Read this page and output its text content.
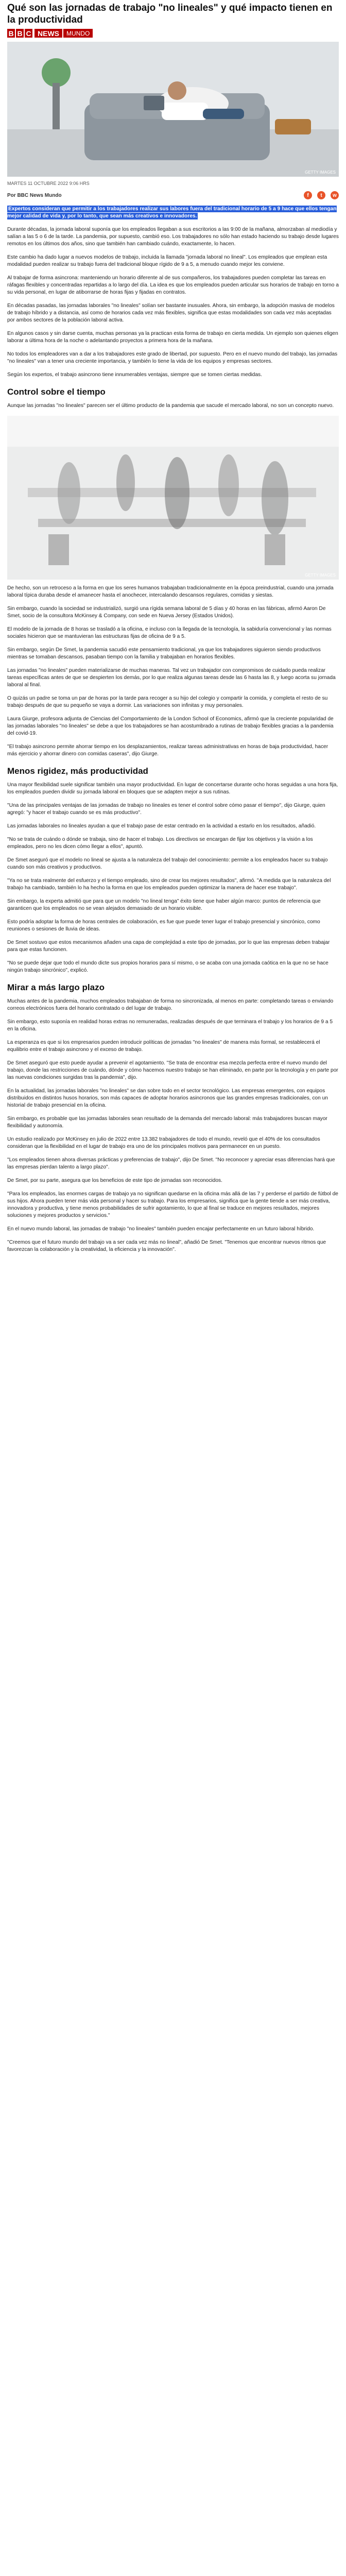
Qué son las jornadas de trabajo "no lineales" y qué impacto tienen en la productividad
B B C NEWS	MUNDO
GETTY IMAGES
MARTES 11 OCTUBRE 2022 9:06 HRS
Por BBC News Mundo	f	t	w

Expertos consideran que permitir a los trabajadores realizar sus labores fuera del tradicional horario de 5 a 9 hace que ellos tengan mejor calidad de vida y, por lo tanto, que sean más creativos e innovadores.

Durante décadas, la jornada laboral suponía que los empleados llegaban a sus escritorios a las 9:00 de la mañana, almorzaban al mediodía y salían a las 5 o 6 de la tarde. La pandemia, por supuesto, cambió eso. Los trabajadores no sólo han estado haciendo su trabajo desde lugares remotos en los últimos dos años, sino que también han cambiado cuándo, exactamente, lo hacen.

Este cambio ha dado lugar a nuevos modelos de trabajo, incluida la llamada "jornada laboral no lineal". Los empleados que emplean esta modalidad pueden realizar su trabajo fuera del tradicional bloque rígido de 9 a 5, a menudo cuando mejor les conviene.

Al trabajar de forma asincrona: manteniendo un horario diferente al de sus compañeros, los trabajadores pueden completar las tareas en ráfagas flexibles y concentradas repartidas a lo largo del día. La idea es que los empleados pueden articular sus horarios de trabajo en torno a su vida personal, en lugar de atiborrarse de horas fijas y fijadas en contratos.

En décadas pasadas, las jornadas laborales "no lineales" solían ser bastante inusuales. Ahora, sin embargo, la adopción masiva de modelos de trabajo híbrido y a distancia, así como de horarios cada vez más flexibles, significa que estas modalidades son cada vez más aceptadas por ambos sectores de la población laboral activa.

En algunos casos y sin darse cuenta, muchas personas ya la practican esta forma de trabajo en cierta medida. Un ejemplo son quienes eligen laborar a última hora de la noche o adelantando proyectos a primera hora de la mañana.

No todos los empleadores van a dar a los trabajadores este grado de libertad, por supuesto. Pero en el nuevo mundo del trabajo, las jornadas "no lineales" van a tener una creciente importancia, y también lo tiene la vida de los equipos y empresas sectores.

Según los expertos, el trabajo asincrono tiene innumerables ventajas, siempre que se tomen ciertas medidas.

Control sobre el tiempo

Aunque las jornadas "no lineales" parecen ser el último producto de la pandemia que sacude el mercado laboral, no son un concepto nuevo.

GETTY IMAGES

De hecho, son un retroceso a la forma en que los seres humanos trabajaban tradicionalmente en la época preindustrial, cuando una jornada laboral típica duraba desde el amanecer hasta el anochecer, intercalando descansos regulares, comidas y siestas.

Sin embargo, cuando la sociedad se industrializó, surgió una rígida semana laboral de 5 días y 40 horas en las fábricas, afirmó Aaron De Smet, socio de la consultora McKinsey & Company, con sede en Nueva Jersey (Estados Unidos).

El modelo de la jornada de 8 horas se trasladó a la oficina, e incluso con la llegada de la tecnología, la sabiduría convencional y las normas sociales hicieron que se mantuvieran las estructuras fijas de oficina de 9 a 5.

Sin embargo, según De Smet, la pandemia sacudió este pensamiento tradicional, ya que los trabajadores siguieron siendo productivos mientras se tomaban descansos, pasaban tiempo con la familia y trabajaban en horarios flexibles.

Las jornadas "no lineales" pueden materializarse de muchas maneras. Tal vez un trabajador con compromisos de cuidado pueda realizar tareas específicas antes de que se despierten los demás, por lo que realiza algunas tareas desde las 6 hasta las 8, y luego acorta su jornada laboral al final.

O quizás un padre se toma un par de horas por la tarde para recoger a su hijo del colegio y compartir la comida, y completa el resto de su trabajo después de que su pequeño se vaya a dormir. Las variaciones son infinitas y muy personales.

Laura Giurge, profesora adjunta de Ciencias del Comportamiento de la London School of Economics, afirmó que la creciente popularidad de las jornadas laborales "no lineales" se debe a que los trabajadores se han acostumbrado a rutinas de trabajo flexibles gracias a la pandemia del covid-19.

"El trabajo asincrono permite ahorrar tiempo en los desplazamientos, realizar tareas administrativas en horas de baja productividad, hacer más ejercicio y ahorrar dinero con comidas caseras", dijo Giurge.

Menos rigidez, más productividad

Una mayor flexibilidad suele significar también una mayor productividad. En lugar de concertarse durante ocho horas seguidas a una hora fija, los empleados pueden dividir su jornada laboral en bloques que se adapten mejor a sus rutinas.

"Una de las principales ventajas de las jornadas de trabajo no lineales es tener el control sobre cómo pasar el tiempo", dijo Giurge, quien agregó: "y hacer el trabajo cuando se es más productivo".

Las jornadas laborales no lineales ayudan a que el trabajo pase de estar centrado en la actividad a estarlo en los resultados, añadió.

"No se trata de cuándo o dónde se trabaja, sino de hacer el trabajo. Los directivos se encargan de fijar los objetivos y la visión a los empleados, pero no les dicen cómo llegar a ellos", apuntó.

De Smet aseguró que el modelo no lineal se ajusta a la naturaleza del trabajo del conocimiento: permite a los empleados hacer su trabajo cuando son más creativos y productivos.

"Ya no se trata realmente del esfuerzo y el tiempo empleado, sino de crear los mejores resultados", afirmó. "A medida que la naturaleza del trabajo ha cambiado, también lo ha hecho la forma en que los empleados pueden optimizar la manera de hacer ese trabajo".

Sin embargo, la experta admitió que para que un modelo "no lineal tenga" éxito tiene que haber algún marco: puntos de referencia que garanticen que los empleados no se vean alejados demasiado de un horario visible.

Esto podría adoptar la forma de horas centrales de colaboración, es fue que puede tener lugar el trabajo presencial y sincrónico, como reuniones o sesiones de lluvia de ideas.

De Smet sostuvo que estos mecanismos añaden una capa de complejidad a este tipo de jornadas, por lo que las empresas deben trabajar para que estas funcionen.

"No se puede dejar que todo el mundo dicte sus propios horarios para sí mismo, o se acaba con una jornada caótica en la que no se hace ningún trabajo sincrónico", explicó.

Mirar a más largo plazo

Muchas antes de la pandemia, muchos empleados trabajaban de forma no sincronizada, al menos en parte: completando tareas o enviando correos electrónicos fuera del horario contratado o del lugar de trabajo.

Sin embargo, esto suponía en realidad horas extras no remuneradas, realizadas después de que terminara el trabajo y los horarios de 9 a 5 en la oficina.

La esperanza es que si los empresarios pueden introducir políticas de jornadas "no lineales" de manera más formal, se restablecerá el equilibrio entre el trabajo asincrono y el exceso de trabajo.

De Smet aseguró que esto puede ayudar a prevenir el agotamiento. "Se trata de encontrar esa mezcla perfecta entre el nuevo mundo del trabajo, donde las restricciones de cuándo, dónde y cómo hacemos nuestro trabajo se han eliminado, en parte por la tecnología y en parte por las nuevas condiciones surgidas tras la pandemia", dijo.

En la actualidad, las jornadas laborales "no lineales" se dan sobre todo en el sector tecnológico. Las empresas emergentes, con equipos distribuidos en distintos husos horarios, son más capaces de adoptar horarios asincronos que las grandes empresas tradicionales, con un historial de trabajo presencial en la oficina.

Sin embargo, es probable que las jornadas laborales sean resultado de la demanda del mercado laboral: más trabajadores buscan mayor flexibilidad y autonomía.

Un estudio realizado por McKinsey en julio de 2022 entre 13.382 trabajadores de todo el mundo, reveló que el 40% de los consultados consideran que la flexibilidad en el lugar de trabajo era uno de los principales motivos para permanecer en un puesto.

"Los empleados tienen ahora diversas prácticas y preferencias de trabajo", dijo De Smet. "No reconocer y apreciar esas diferencias hará que las empresas pierdan talento a largo plazo".

De Smet, por su parte, asegura que los beneficios de este tipo de jornadas son reconocidos.

"Para los empleados, las enormes cargas de trabajo ya no significan quedarse en la oficina más allá de las 7 y perderse el partido de fútbol de sus hijos. Ahora pueden tener más vida personal y hacer su trabajo. Para los empresarios, significa que la gente tiende a ser más creativa, innovadora y productiva, y tiene menos probabilidades de sufrir agotamiento, lo que al final se traduce en mejores resultados, mejores soluciones y mejores productos y servicios."

En el nuevo mundo laboral, las jornadas de trabajo "no lineales" también pueden encajar perfectamente en un futuro laboral híbrido.

"Creemos que el futuro mundo del trabajo va a ser cada vez más no lineal", añadió De Smet. "Tenemos que encontrar nuevos ritmos que favorezcan la colaboración y la creatividad, la eficiencia y la innovación".
